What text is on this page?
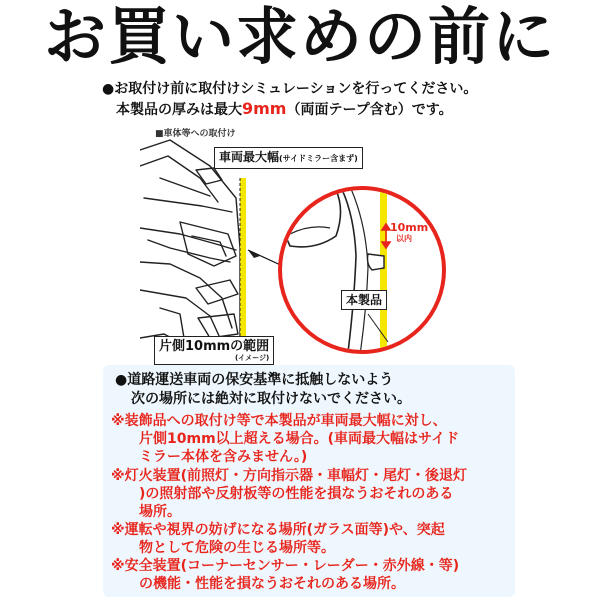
お買い求めの前に
●お取付け前に取付けシミュレーションを行ってください。
本製品の厚みは最大9mm（両面テープ含む）です。
■車体等への取付け
車両最大幅(サイドミラー含まず)
10mm
以内
本製品
片側10mmの範囲
(イメージ)
●道路運送車両の保安基準に抵触しないよう
次の場所には絶対に取付けないでください。
※装飾品への取付け等で本製品が車両最大幅に対し、
片側10mm以上超える場合。(車両最大幅はサイド
ミラー本体を含みません。)
※灯火装置(前照灯・方向指示器・車幅灯・尾灯・後退灯
)の照射部や反射板等の性能を損なうおそれのある
場所。
※運転や視界の妨げになる場所(ガラス面等)や、突起
物として危険の生じる場所等。
※安全装置(コーナーセンサー・レーダー・赤外線・等)
の機能・性能を損なうおそれのある場所。
